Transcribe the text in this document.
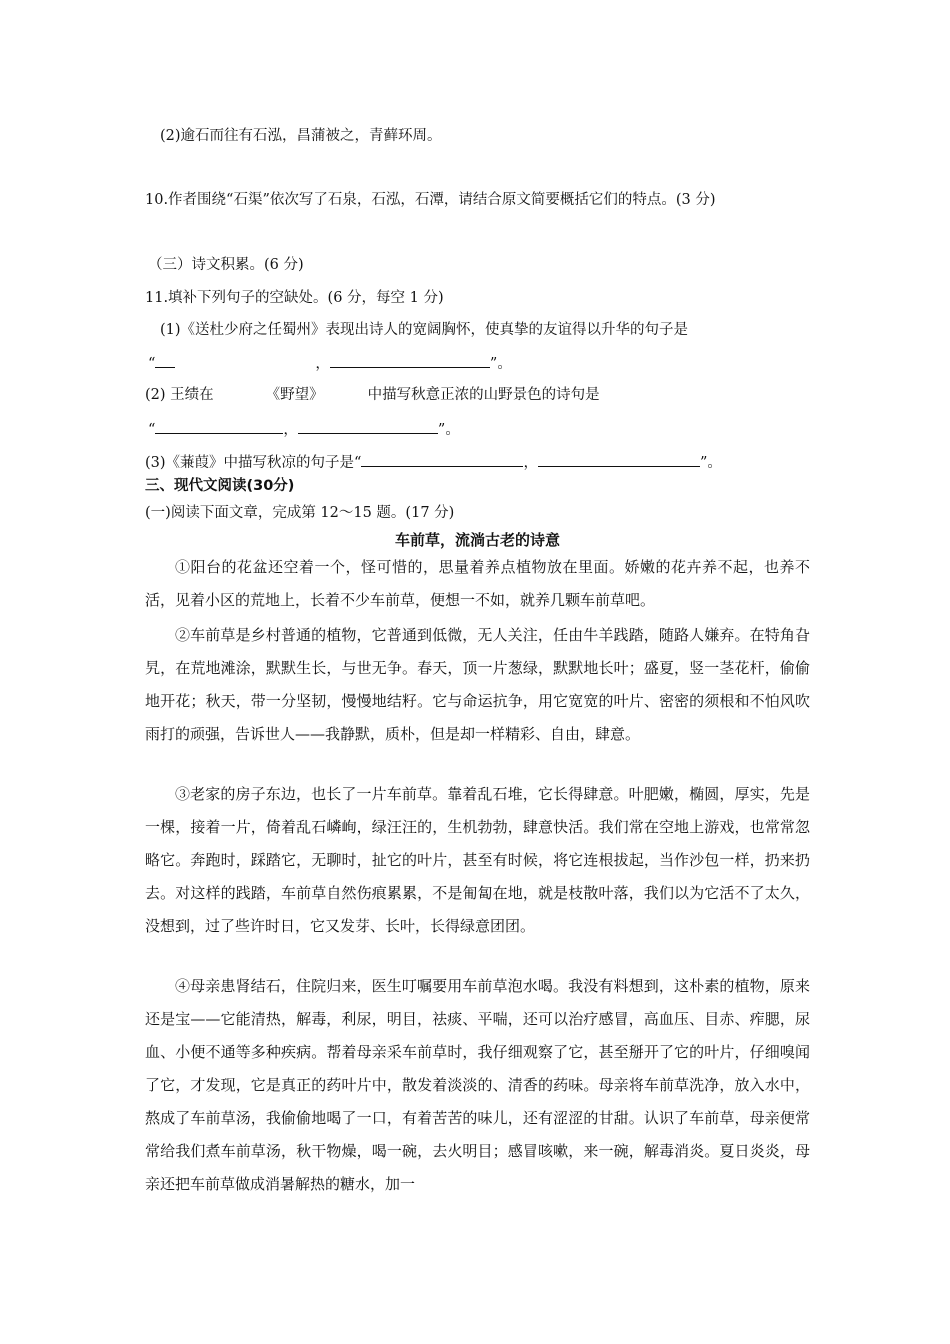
(2)逾石而往有石泓，昌蒲被之，青藓环周。
10.作者围绕“石渠”依次写了石泉，石泓，石潭，请结合原文简要概括它们的特点。(3 分)
（三）诗文积累。(6 分)
11.填补下列句子的空缺处。(6 分，每空 1 分)
(1)《送杜少府之任蜀州》表现出诗人的宽阔胸怀，使真挚的友谊得以升华的句子是
“	，	”。
(2) 王绩在	《野望》	中描写秋意正浓的山野景色的诗句是
“	，	”。
(3)《蒹葭》中描写秋凉的句子是“	，	”。
三、现代文阅读(30分)
(一)阅读下面文章，完成第 12～15 题。(17 分)
车前草，流淌古老的诗意
①阳台的花盆还空着一个，怪可惜的，思量着养点植物放在里面。娇嫩的花卉养不起，也养不活，见着小区的荒地上，长着不少车前草，便想一不如，就养几颗车前草吧。
②车前草是乡村普通的植物，它普通到低微，无人关注，任由牛羊践踏，随路人嫌弃。在特角旮旯，在荒地滩涂，默默生长，与世无争。春天，顶一片葱绿，默默地长叶；盛夏，竖一茎花杆，偷偷地开花；秋天，带一分坚韧，慢慢地结籽。它与命运抗争，用它宽宽的叶片、密密的须根和不怕风吹雨打的顽强，告诉世人——我静默，质朴，但是却一样精彩、自由，肆意。
③老家的房子东边，也长了一片车前草。靠着乱石堆，它长得肆意。叶肥嫩，椭圆，厚实，先是一棵，接着一片，倚着乱石嶙峋，绿汪汪的，生机勃勃，肆意快活。我们常在空地上游戏，也常常忽略它。奔跑时，踩踏它，无聊时，扯它的叶片，甚至有时候，将它连根拔起，当作沙包一样，扔来扔去。对这样的践踏，车前草自然伤痕累累，不是匍匐在地，就是枝散叶落，我们以为它活不了太久，没想到，过了些许时日，它又发芽、长叶，长得绿意团团。
④母亲患肾结石，住院归来，医生叮嘱要用车前草泡水喝。我没有料想到，这朴素的植物，原来还是宝——它能清热，解毒，利尿，明目，祛痰、平喘，还可以治疗感冒，高血压、目赤、痄腮，尿血、小便不通等多种疾病。帮着母亲采车前草时，我仔细观察了它，甚至掰开了它的叶片，仔细嗅闻了它，才发现，它是真正的药叶片中，散发着淡淡的、清香的药味。母亲将车前草洗净，放入水中，熬成了车前草汤，我偷偷地喝了一口，有着苦苦的味儿，还有涩涩的甘甜。认识了车前草，母亲便常常给我们煮车前草汤，秋干物燥，喝一碗，去火明目；感冒咳嗽，来一碗，解毒消炎。夏日炎炎，母亲还把车前草做成消暑解热的糖水，加一
